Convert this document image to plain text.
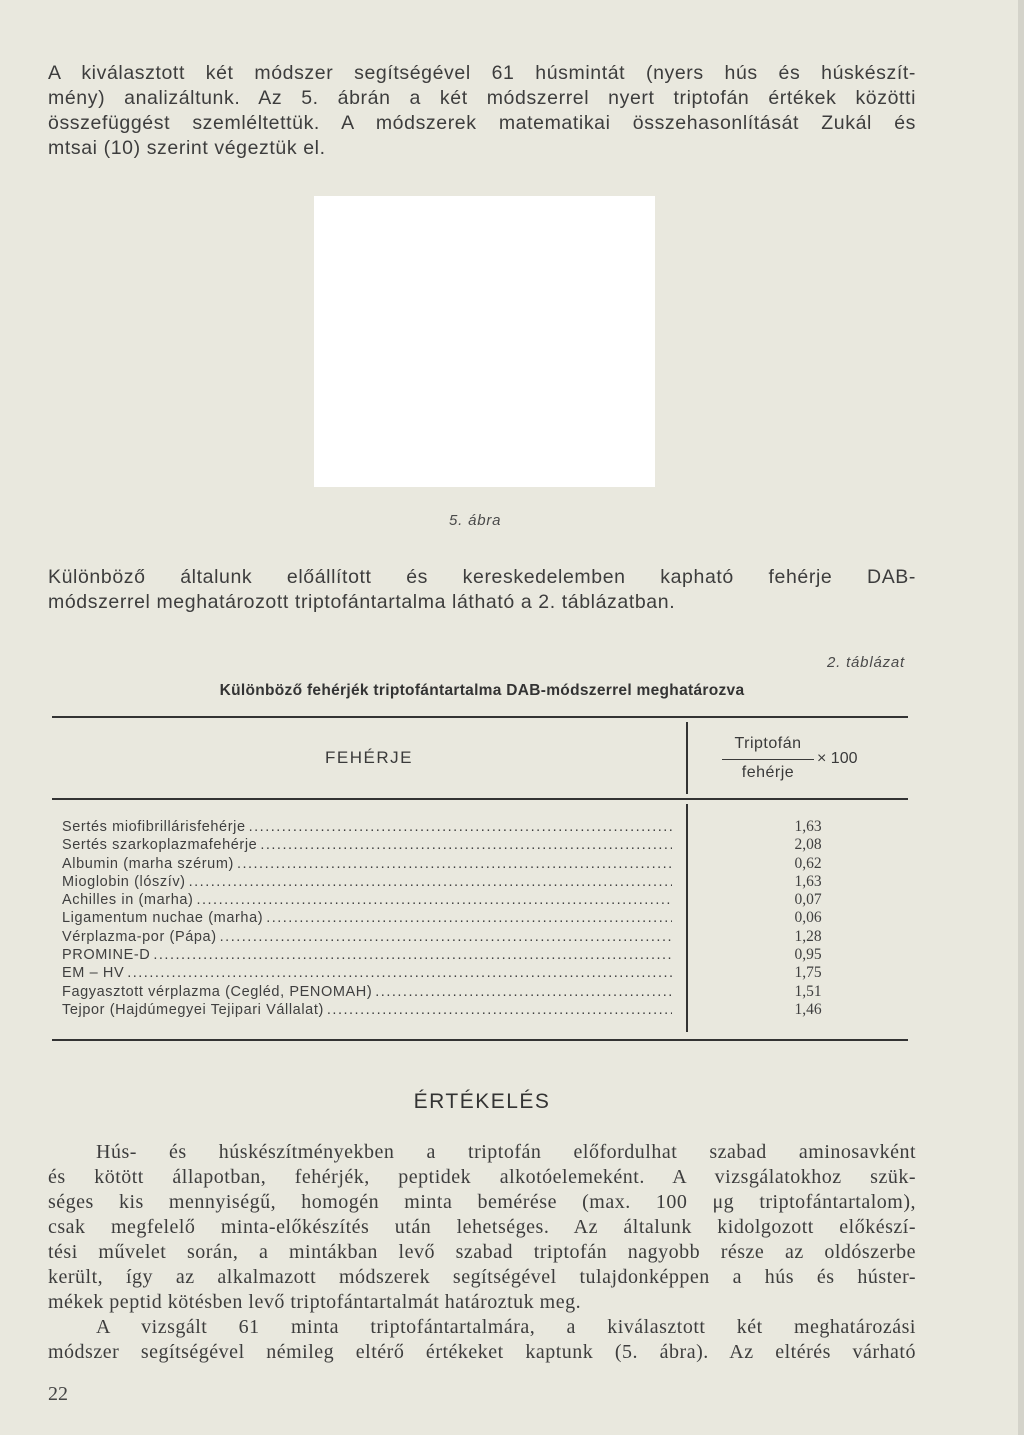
A kiválasztott két módszer segítségével 61 húsmintát (nyers hús és húskészít-
mény) analizáltunk. Az 5. ábrán a két módszerrel nyert triptofán értékek közötti
összefüggést szemléltettük. A módszerek matematikai összehasonlítását Zukál és
mtsai (10) szerint végeztük el.

5. ábra

Különböző általunk előállított és kereskedelemben kapható fehérje DAB-
módszerrel meghatározott triptofántartalma látható a 2. táblázatban.

2. táblázat
Különböző fehérjék triptofántartalma DAB-módszerrel meghatározva
FEHÉRJE
Triptofán
fehérje
× 100
Sertés miofibrillárisfehérje
.....
Sertés szarkoplazmafehérje
.....
Albumin (marha szérum)
.....
Mioglobin (lószív)
.....
Achilles in (marha)
.....
Ligamentum nuchae (marha)
.....
Vérplazma-por (Pápa)
.....
PROMINE-D
.....
EM – HV
.....
Fagyasztott vérplazma (Cegléd, PENOMAH)
.....
Tejpor (Hajdúmegyei Tejipari Vállalat)
.....
1,63
2,08
0,62
1,63
0,07
0,06
1,28
0,95
1,75
1,51
1,46
ÉRTÉKELÉS

Hús- és húskészítményekben a triptofán előfordulhat szabad aminosavként
és kötött állapotban, fehérjék, peptidek alkotóelemeként. A vizsgálatokhoz szük-
séges kis mennyiségű, homogén minta bemérése (max. 100 μg triptofántartalom),
csak megfelelő minta-előkészítés után lehetséges. Az általunk kidolgozott előkészí-
tési művelet során, a mintákban levő szabad triptofán nagyobb része az oldószerbe
került, így az alkalmazott módszerek segítségével tulajdonképpen a hús és húster-
mékek peptid kötésben levő triptofántartalmát határoztuk meg.
A vizsgált 61 minta triptofántartalmára, a kiválasztott két meghatározási
módszer segítségével némileg eltérő értékeket kaptunk (5. ábra). Az eltérés várható

22
